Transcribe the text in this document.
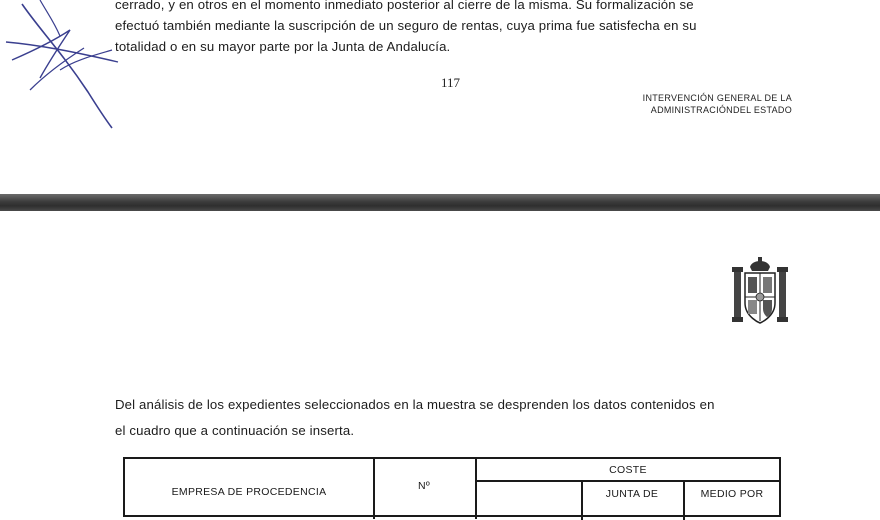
cerrado, y en otros en el momento inmediato posterior al cierre de la misma. Su formalización se
efectuó también mediante la suscripción de un seguro de rentas, cuya prima fue satisfecha en su
totalidad o en su mayor parte por la Junta de Andalucía.

117
INTERVENCIÓN GENERAL DE LA
ADMINISTRACIÓNDEL ESTADO

Del análisis de los expedientes seleccionados en la muestra se desprenden los datos contenidos en
el cuadro que a continuación se inserta.

EMPRESA DE PROCEDENCIA	Nº
COSTE
JUNTA DE	MEDIO POR
